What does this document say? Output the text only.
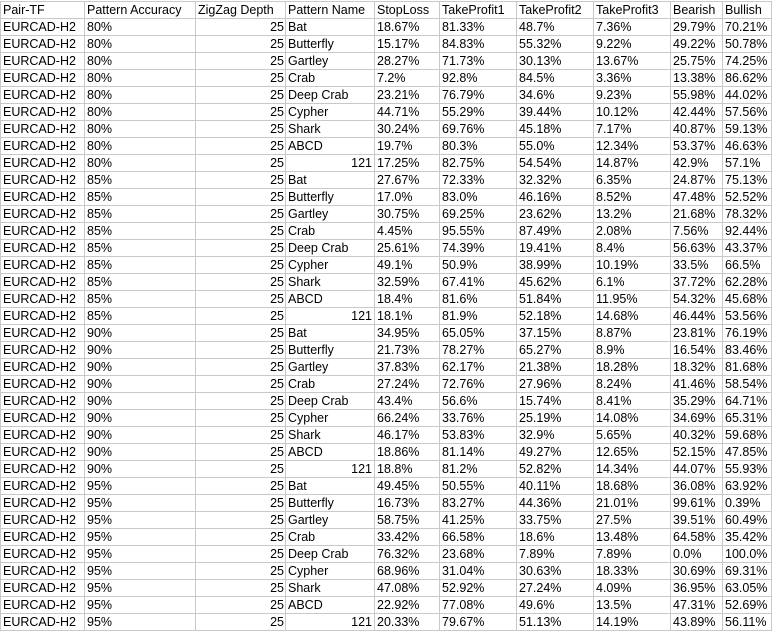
Pair-TF	Pattern Accuracy	ZigZag Depth	Pattern Name	StopLoss	TakeProfit1	TakeProfit2	TakeProfit3	Bearish	Bullish
EURCAD-H2	80%	25	Bat	18.67%	81.33%	48.7%	7.36%	29.79%	70.21%
EURCAD-H2	80%	25	Butterfly	15.17%	84.83%	55.32%	9.22%	49.22%	50.78%
EURCAD-H2	80%	25	Gartley	28.27%	71.73%	30.13%	13.67%	25.75%	74.25%
EURCAD-H2	80%	25	Crab	7.2%	92.8%	84.5%	3.36%	13.38%	86.62%
EURCAD-H2	80%	25	Deep Crab	23.21%	76.79%	34.6%	9.23%	55.98%	44.02%
EURCAD-H2	80%	25	Cypher	44.71%	55.29%	39.44%	10.12%	42.44%	57.56%
EURCAD-H2	80%	25	Shark	30.24%	69.76%	45.18%	7.17%	40.87%	59.13%
EURCAD-H2	80%	25	ABCD	19.7%	80.3%	55.0%	12.34%	53.37%	46.63%
EURCAD-H2	80%	25	121	17.25%	82.75%	54.54%	14.87%	42.9%	57.1%
EURCAD-H2	85%	25	Bat	27.67%	72.33%	32.32%	6.35%	24.87%	75.13%
EURCAD-H2	85%	25	Butterfly	17.0%	83.0%	46.16%	8.52%	47.48%	52.52%
EURCAD-H2	85%	25	Gartley	30.75%	69.25%	23.62%	13.2%	21.68%	78.32%
EURCAD-H2	85%	25	Crab	4.45%	95.55%	87.49%	2.08%	7.56%	92.44%
EURCAD-H2	85%	25	Deep Crab	25.61%	74.39%	19.41%	8.4%	56.63%	43.37%
EURCAD-H2	85%	25	Cypher	49.1%	50.9%	38.99%	10.19%	33.5%	66.5%
EURCAD-H2	85%	25	Shark	32.59%	67.41%	45.62%	6.1%	37.72%	62.28%
EURCAD-H2	85%	25	ABCD	18.4%	81.6%	51.84%	11.95%	54.32%	45.68%
EURCAD-H2	85%	25	121	18.1%	81.9%	52.18%	14.68%	46.44%	53.56%
EURCAD-H2	90%	25	Bat	34.95%	65.05%	37.15%	8.87%	23.81%	76.19%
EURCAD-H2	90%	25	Butterfly	21.73%	78.27%	65.27%	8.9%	16.54%	83.46%
EURCAD-H2	90%	25	Gartley	37.83%	62.17%	21.38%	18.28%	18.32%	81.68%
EURCAD-H2	90%	25	Crab	27.24%	72.76%	27.96%	8.24%	41.46%	58.54%
EURCAD-H2	90%	25	Deep Crab	43.4%	56.6%	15.74%	8.41%	35.29%	64.71%
EURCAD-H2	90%	25	Cypher	66.24%	33.76%	25.19%	14.08%	34.69%	65.31%
EURCAD-H2	90%	25	Shark	46.17%	53.83%	32.9%	5.65%	40.32%	59.68%
EURCAD-H2	90%	25	ABCD	18.86%	81.14%	49.27%	12.65%	52.15%	47.85%
EURCAD-H2	90%	25	121	18.8%	81.2%	52.82%	14.34%	44.07%	55.93%
EURCAD-H2	95%	25	Bat	49.45%	50.55%	40.11%	18.68%	36.08%	63.92%
EURCAD-H2	95%	25	Butterfly	16.73%	83.27%	44.36%	21.01%	99.61%	0.39%
EURCAD-H2	95%	25	Gartley	58.75%	41.25%	33.75%	27.5%	39.51%	60.49%
EURCAD-H2	95%	25	Crab	33.42%	66.58%	18.6%	13.48%	64.58%	35.42%
EURCAD-H2	95%	25	Deep Crab	76.32%	23.68%	7.89%	7.89%	0.0%	100.0%
EURCAD-H2	95%	25	Cypher	68.96%	31.04%	30.63%	18.33%	30.69%	69.31%
EURCAD-H2	95%	25	Shark	47.08%	52.92%	27.24%	4.09%	36.95%	63.05%
EURCAD-H2	95%	25	ABCD	22.92%	77.08%	49.6%	13.5%	47.31%	52.69%
EURCAD-H2	95%	25	121	20.33%	79.67%	51.13%	14.19%	43.89%	56.11%
